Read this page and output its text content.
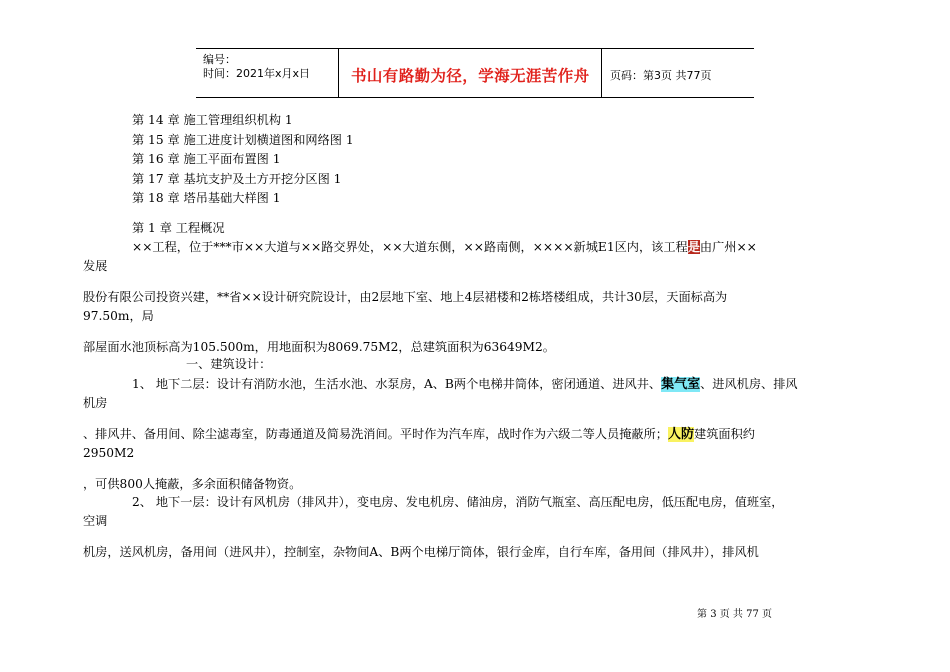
编号：
时间：2021年x月x日	书山有路勤为径，学海无涯苦作舟 页码：第3页 共77页
第 14 章 施工管理组织机构 1
第 15 章 施工进度计划横道图和网络图 1
第 16 章 施工平面布置图 1
第 17 章 基坑支护及土方开挖分区图 1
第 18 章 塔吊基础大样图 1
第 1 章 工程概况
××工程，位于***市××大道与××路交界处，××大道东侧，××路南侧，××××新城E1区内，该工程是由广州××
发展
股份有限公司投资兴建，**省××设计研究院设计，由2层地下室、地上4层裙楼和2栋塔楼组成，共计30层，天面标高为
97.50m，局
部屋面水池顶标高为105.500m，用地面积为8069.75M2，总建筑面积为63649M2。
一、建筑设计：
1、 地下二层：设计有消防水池，生活水池、水泵房，A、B两个电梯井筒体，密闭通道、进风井、集气室、进风机房、排风
机房
、排风井、备用间、除尘滤毒室，防毒通道及简易洗消间。平时作为汽车库，战时作为六级二等人员掩蔽所；人防建筑面积约
2950M2
，可供800人掩蔽，多余面积储备物资。
2、 地下一层：设计有风机房（排风井），变电房、发电机房、储油房，消防气瓶室、高压配电房，低压配电房，值班室，
空调
机房，送风机房，备用间（进风井），控制室，杂物间A、B两个电梯厅筒体，银行金库，自行车库，备用间（排风井），排风机
第 3 页 共 77 页
